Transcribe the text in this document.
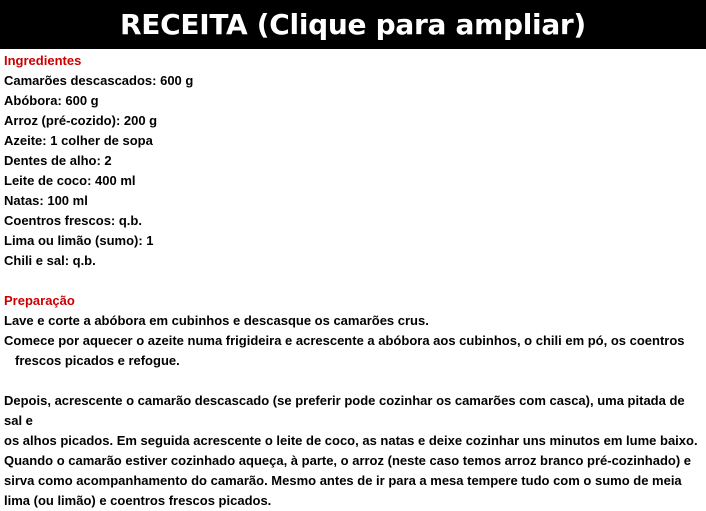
RECEITA (Clique para ampliar)
Ingredientes
Camarões descascados: 600 g
Abóbora: 600 g
Arroz (pré-cozido): 200 g
Azeite: 1 colher de sopa
Dentes de alho: 2
Leite de coco: 400 ml
Natas: 100 ml
Coentros frescos: q.b.
Lima ou limão (sumo): 1
Chili e sal: q.b.
Preparação
Lave e corte a abóbora em cubinhos e descasque os camarões crus.
Comece por aquecer o azeite numa frigideira e acrescente a abóbora aos cubinhos, o chili em pó, os coentros
frescos picados e refogue.
Depois, acrescente o camarão descascado (se preferir pode cozinhar os camarões com casca), uma pitada de sal e
os alhos picados. Em seguida acrescente o leite de coco, as natas e deixe cozinhar uns minutos em lume baixo.
Quando o camarão estiver cozinhado aqueça, à parte, o arroz (neste caso temos arroz branco pré-cozinhado) e
sirva como acompanhamento do camarão. Mesmo antes de ir para a mesa tempere tudo com o sumo de meia
lima (ou limão) e coentros frescos picados.
